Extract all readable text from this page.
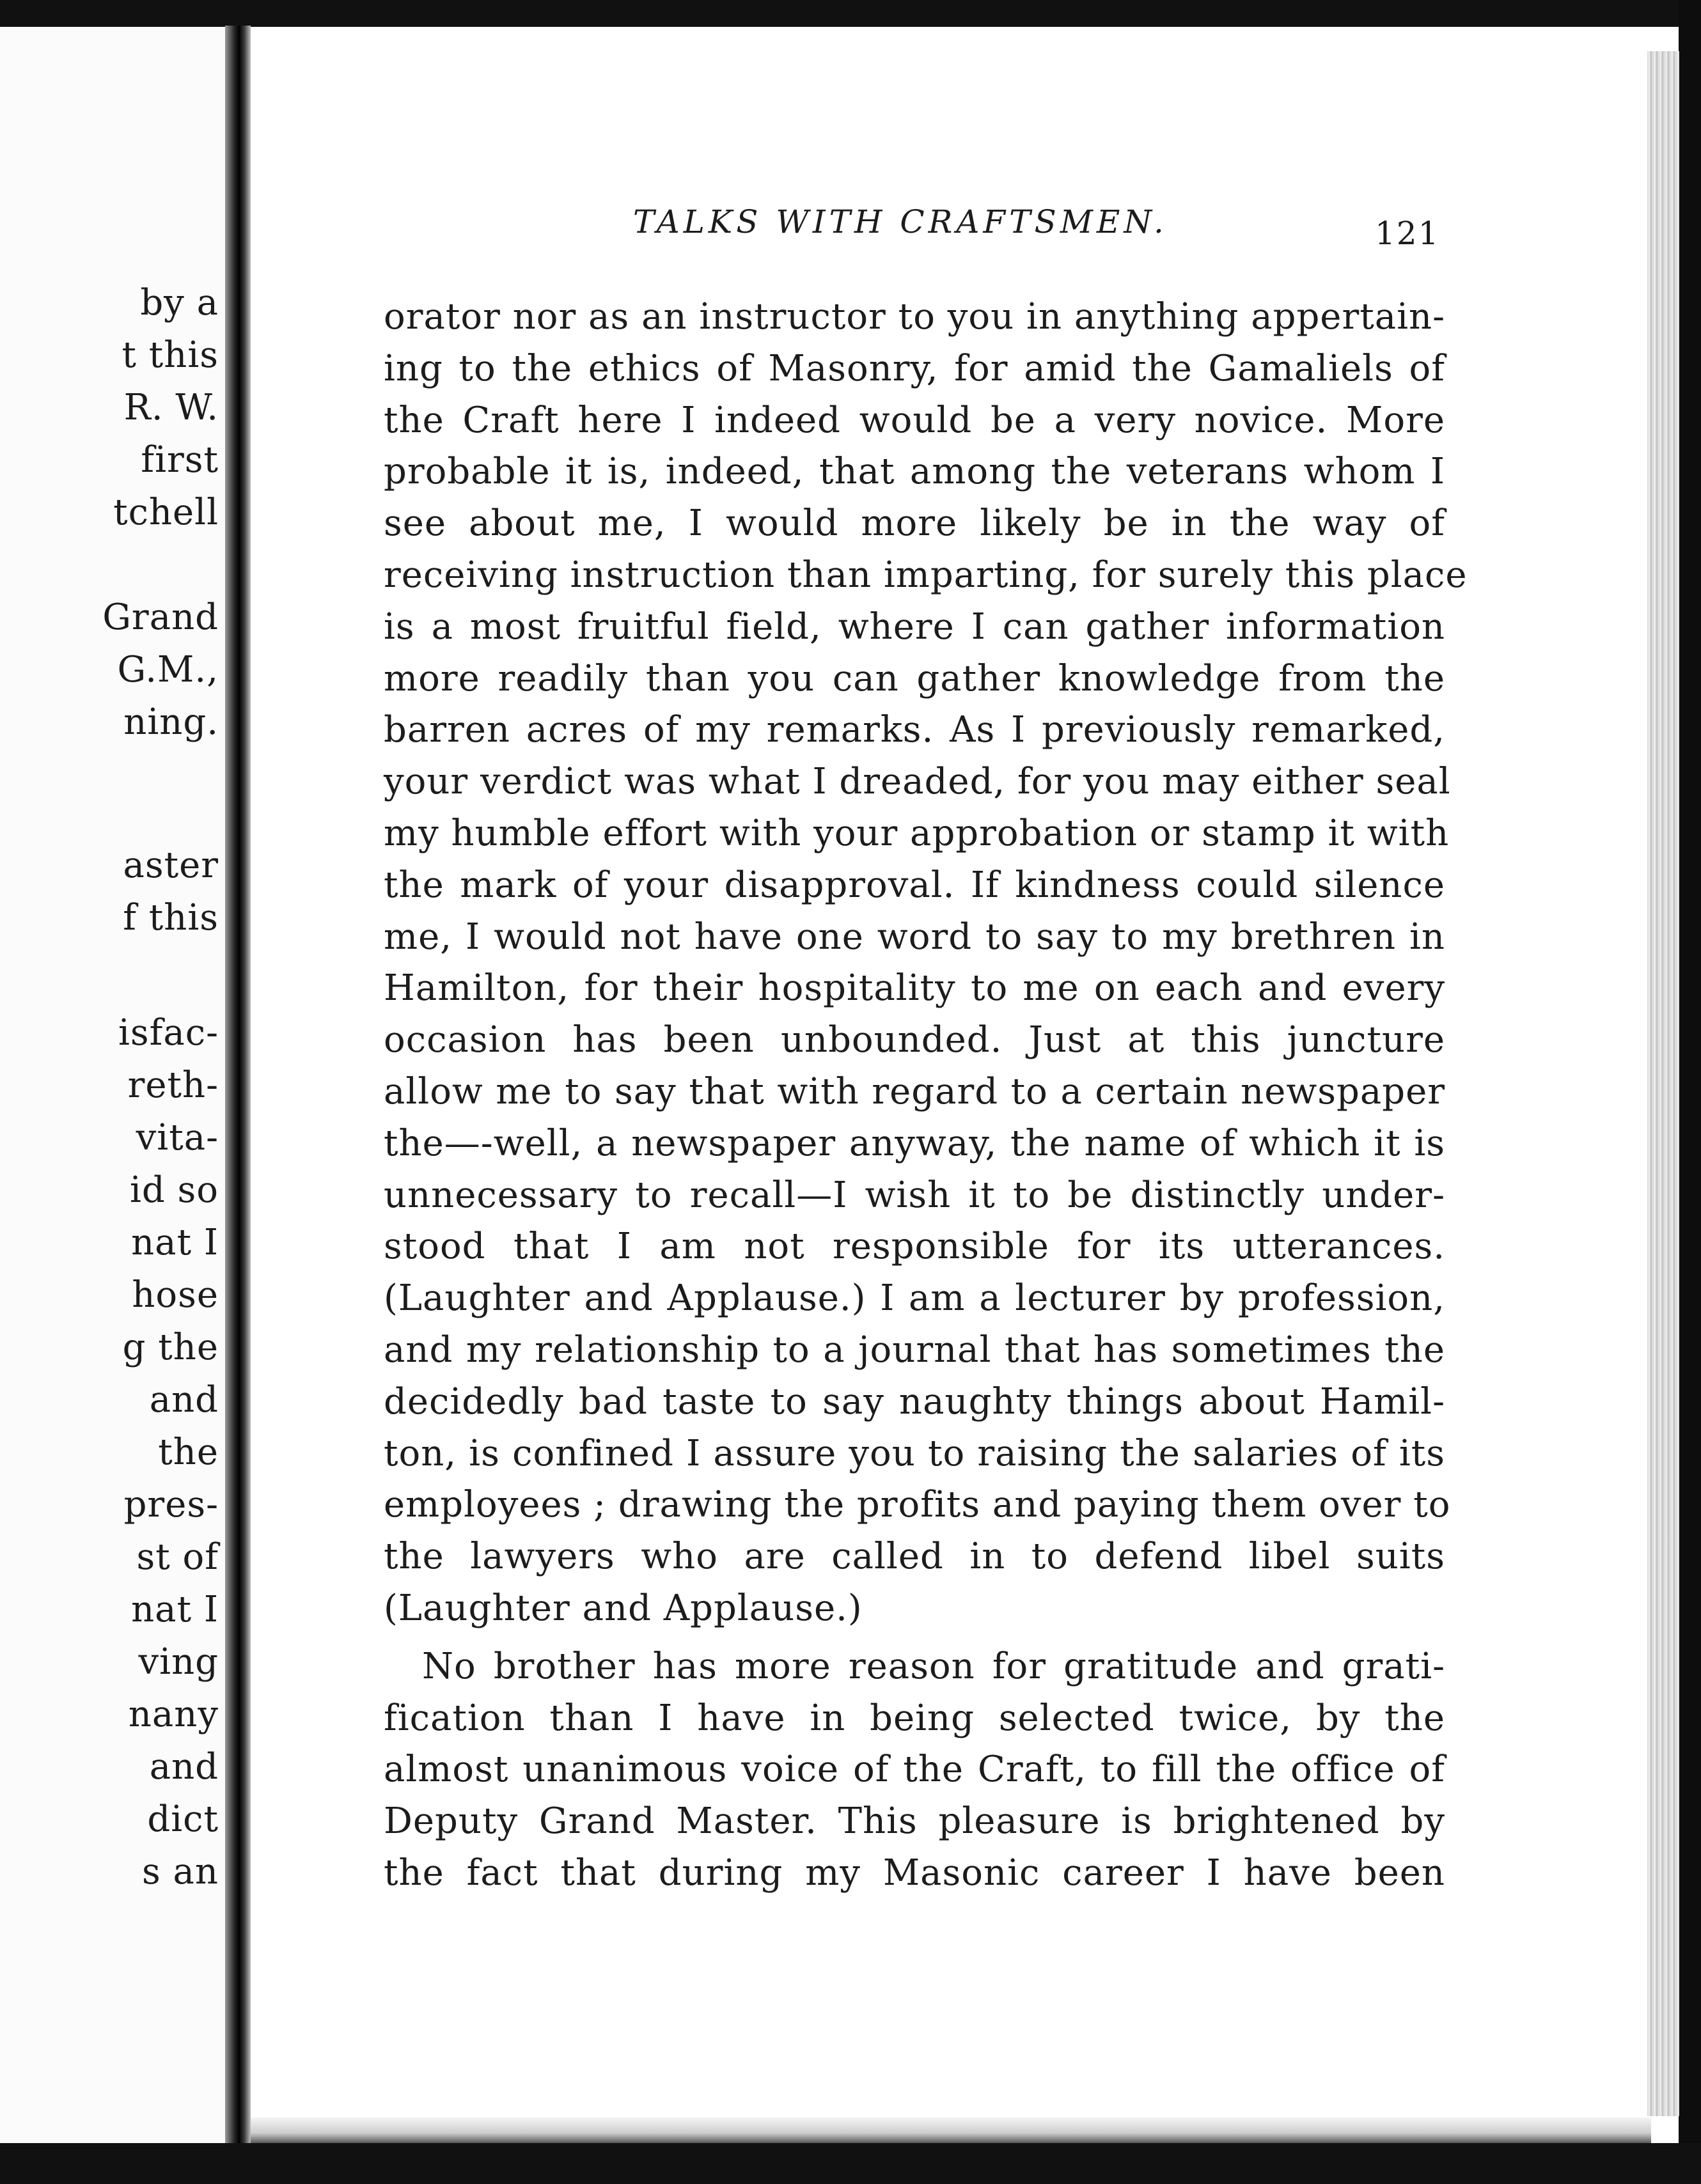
by a
t this
R. W.
first
tchell
Grand
G.M.,
ning.
aster
f this
isfac-
reth-
vita-
id so
nat I
hose
g the
and
the
pres-
st of
nat I
ving
nany
and
dict
s an
TALKS WITH CRAFTSMEN.	121
orator nor as an instructor to you in anything appertain-
ing to the ethics of Masonry, for amid the Gamaliels of
the Craft here I indeed would be a very novice. More
probable it is, indeed, that among the veterans whom I
see about me, I would more likely be in the way of
receiving instruction than imparting, for surely this place
is a most fruitful field, where I can gather information
more readily than you can gather knowledge from the
barren acres of my remarks. As I previously remarked,
your verdict was what I dreaded, for you may either seal
my humble effort with your approbation or stamp it with
the mark of your disapproval. If kindness could silence
me, I would not have one word to say to my brethren in
Hamilton, for their hospitality to me on each and every
occasion has been unbounded. Just at this juncture
allow me to say that with regard to a certain newspaper
the—-well, a newspaper anyway, the name of which it is
unnecessary to recall—I wish it to be distinctly under-
stood that I am not responsible for its utterances.
(Laughter and Applause.) I am a lecturer by profession,
and my relationship to a journal that has sometimes the
decidedly bad taste to say naughty things about Hamil-
ton, is confined I assure you to raising the salaries of its
employees ; drawing the profits and paying them over to
the lawyers who are called in to defend libel suits
(Laughter and Applause.)
No brother has more reason for gratitude and grati-
fication than I have in being selected twice, by the
almost unanimous voice of the Craft, to fill the office of
Deputy Grand Master. This pleasure is brightened by
the fact that during my Masonic career I have been
